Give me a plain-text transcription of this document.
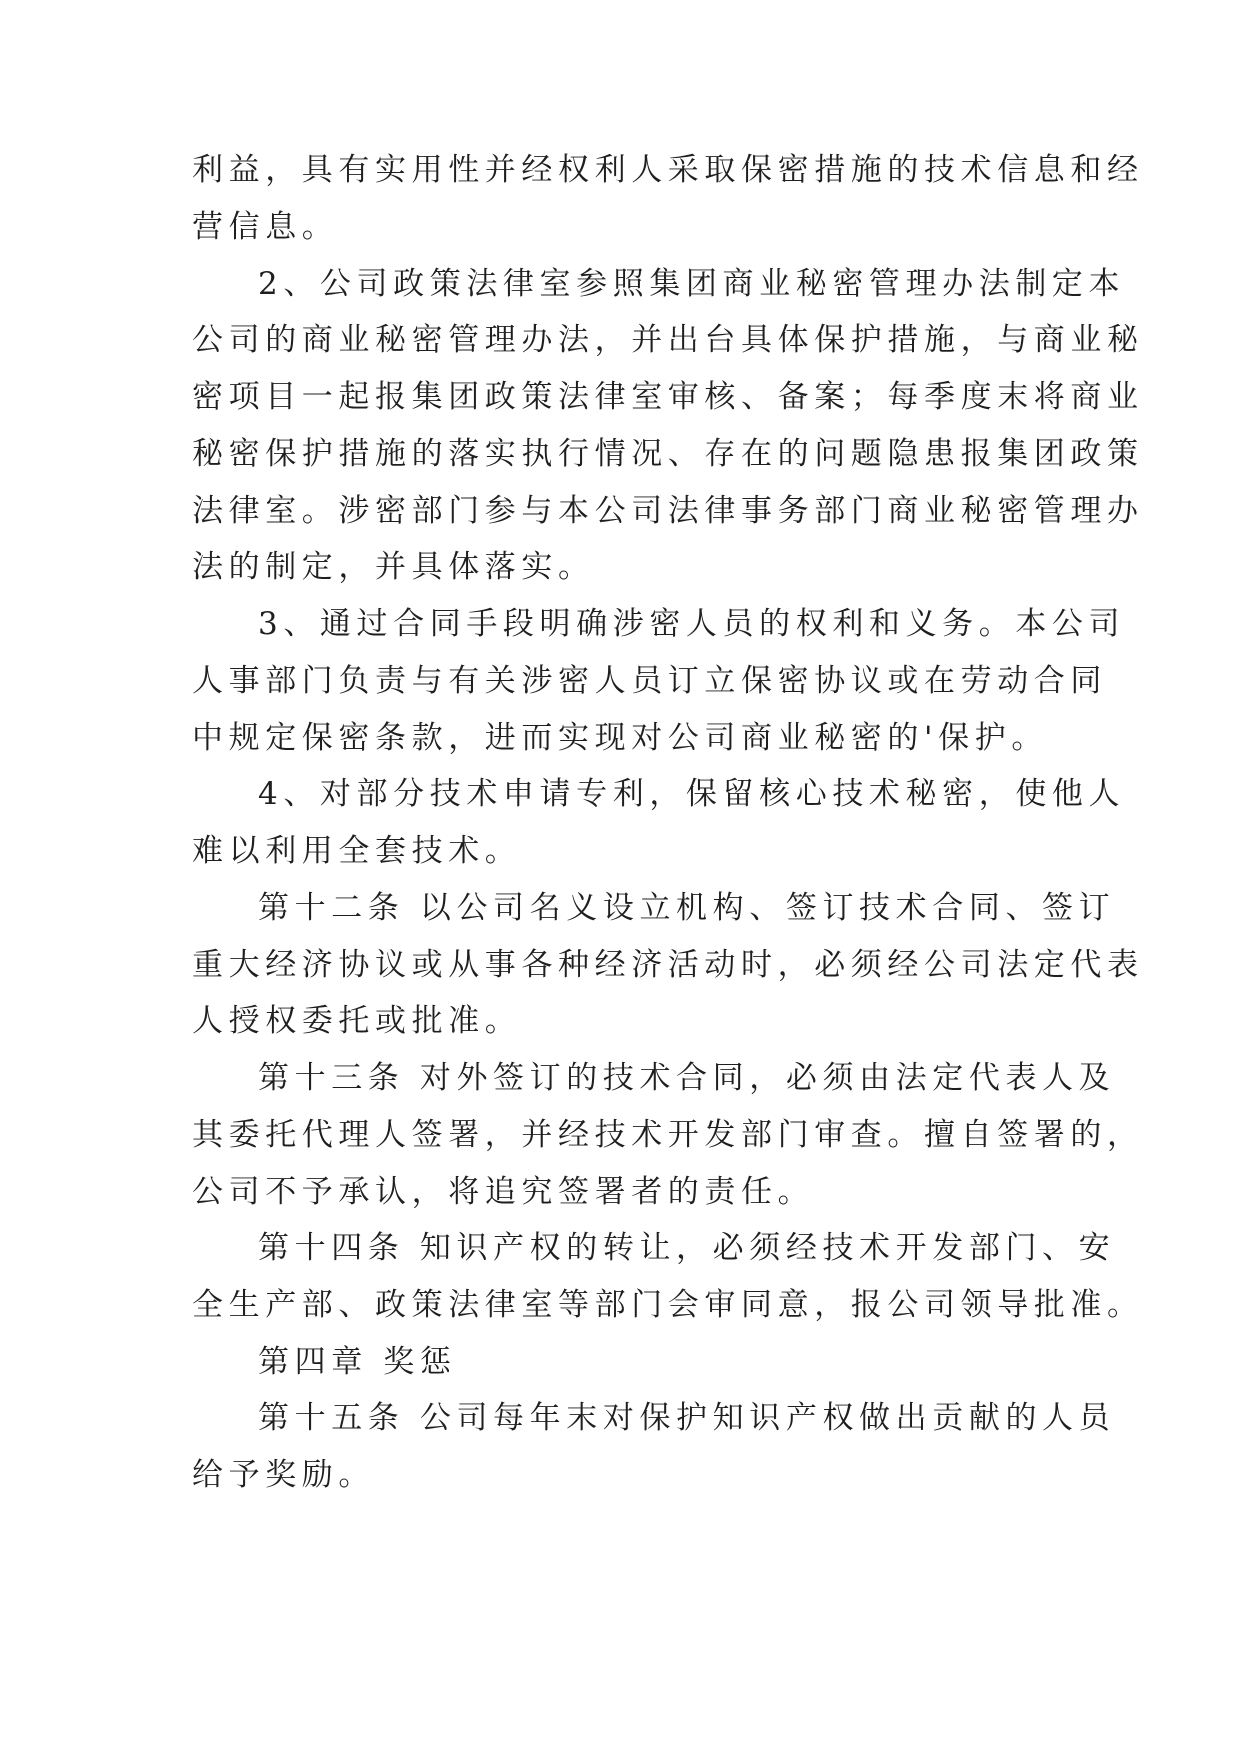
利益，具有实用性并经权利人采取保密措施的技术信息和经
营信息。
2、公司政策法律室参照集团商业秘密管理办法制定本
公司的商业秘密管理办法，并出台具体保护措施，与商业秘
密项目一起报集团政策法律室审核、备案；每季度末将商业
秘密保护措施的落实执行情况、存在的问题隐患报集团政策
法律室。涉密部门参与本公司法律事务部门商业秘密管理办
法的制定，并具体落实。
3、通过合同手段明确涉密人员的权利和义务。本公司
人事部门负责与有关涉密人员订立保密协议或在劳动合同
中规定保密条款，进而实现对公司商业秘密的'保护。
4、对部分技术申请专利，保留核心技术秘密，使他人
难以利用全套技术。
第十二条 以公司名义设立机构、签订技术合同、签订
重大经济协议或从事各种经济活动时，必须经公司法定代表
人授权委托或批准。
第十三条 对外签订的技术合同，必须由法定代表人及
其委托代理人签署，并经技术开发部门审查。擅自签署的，
公司不予承认，将追究签署者的责任。
第十四条 知识产权的转让，必须经技术开发部门、安
全生产部、政策法律室等部门会审同意，报公司领导批准。
第四章 奖惩
第十五条 公司每年末对保护知识产权做出贡献的人员
给予奖励。
